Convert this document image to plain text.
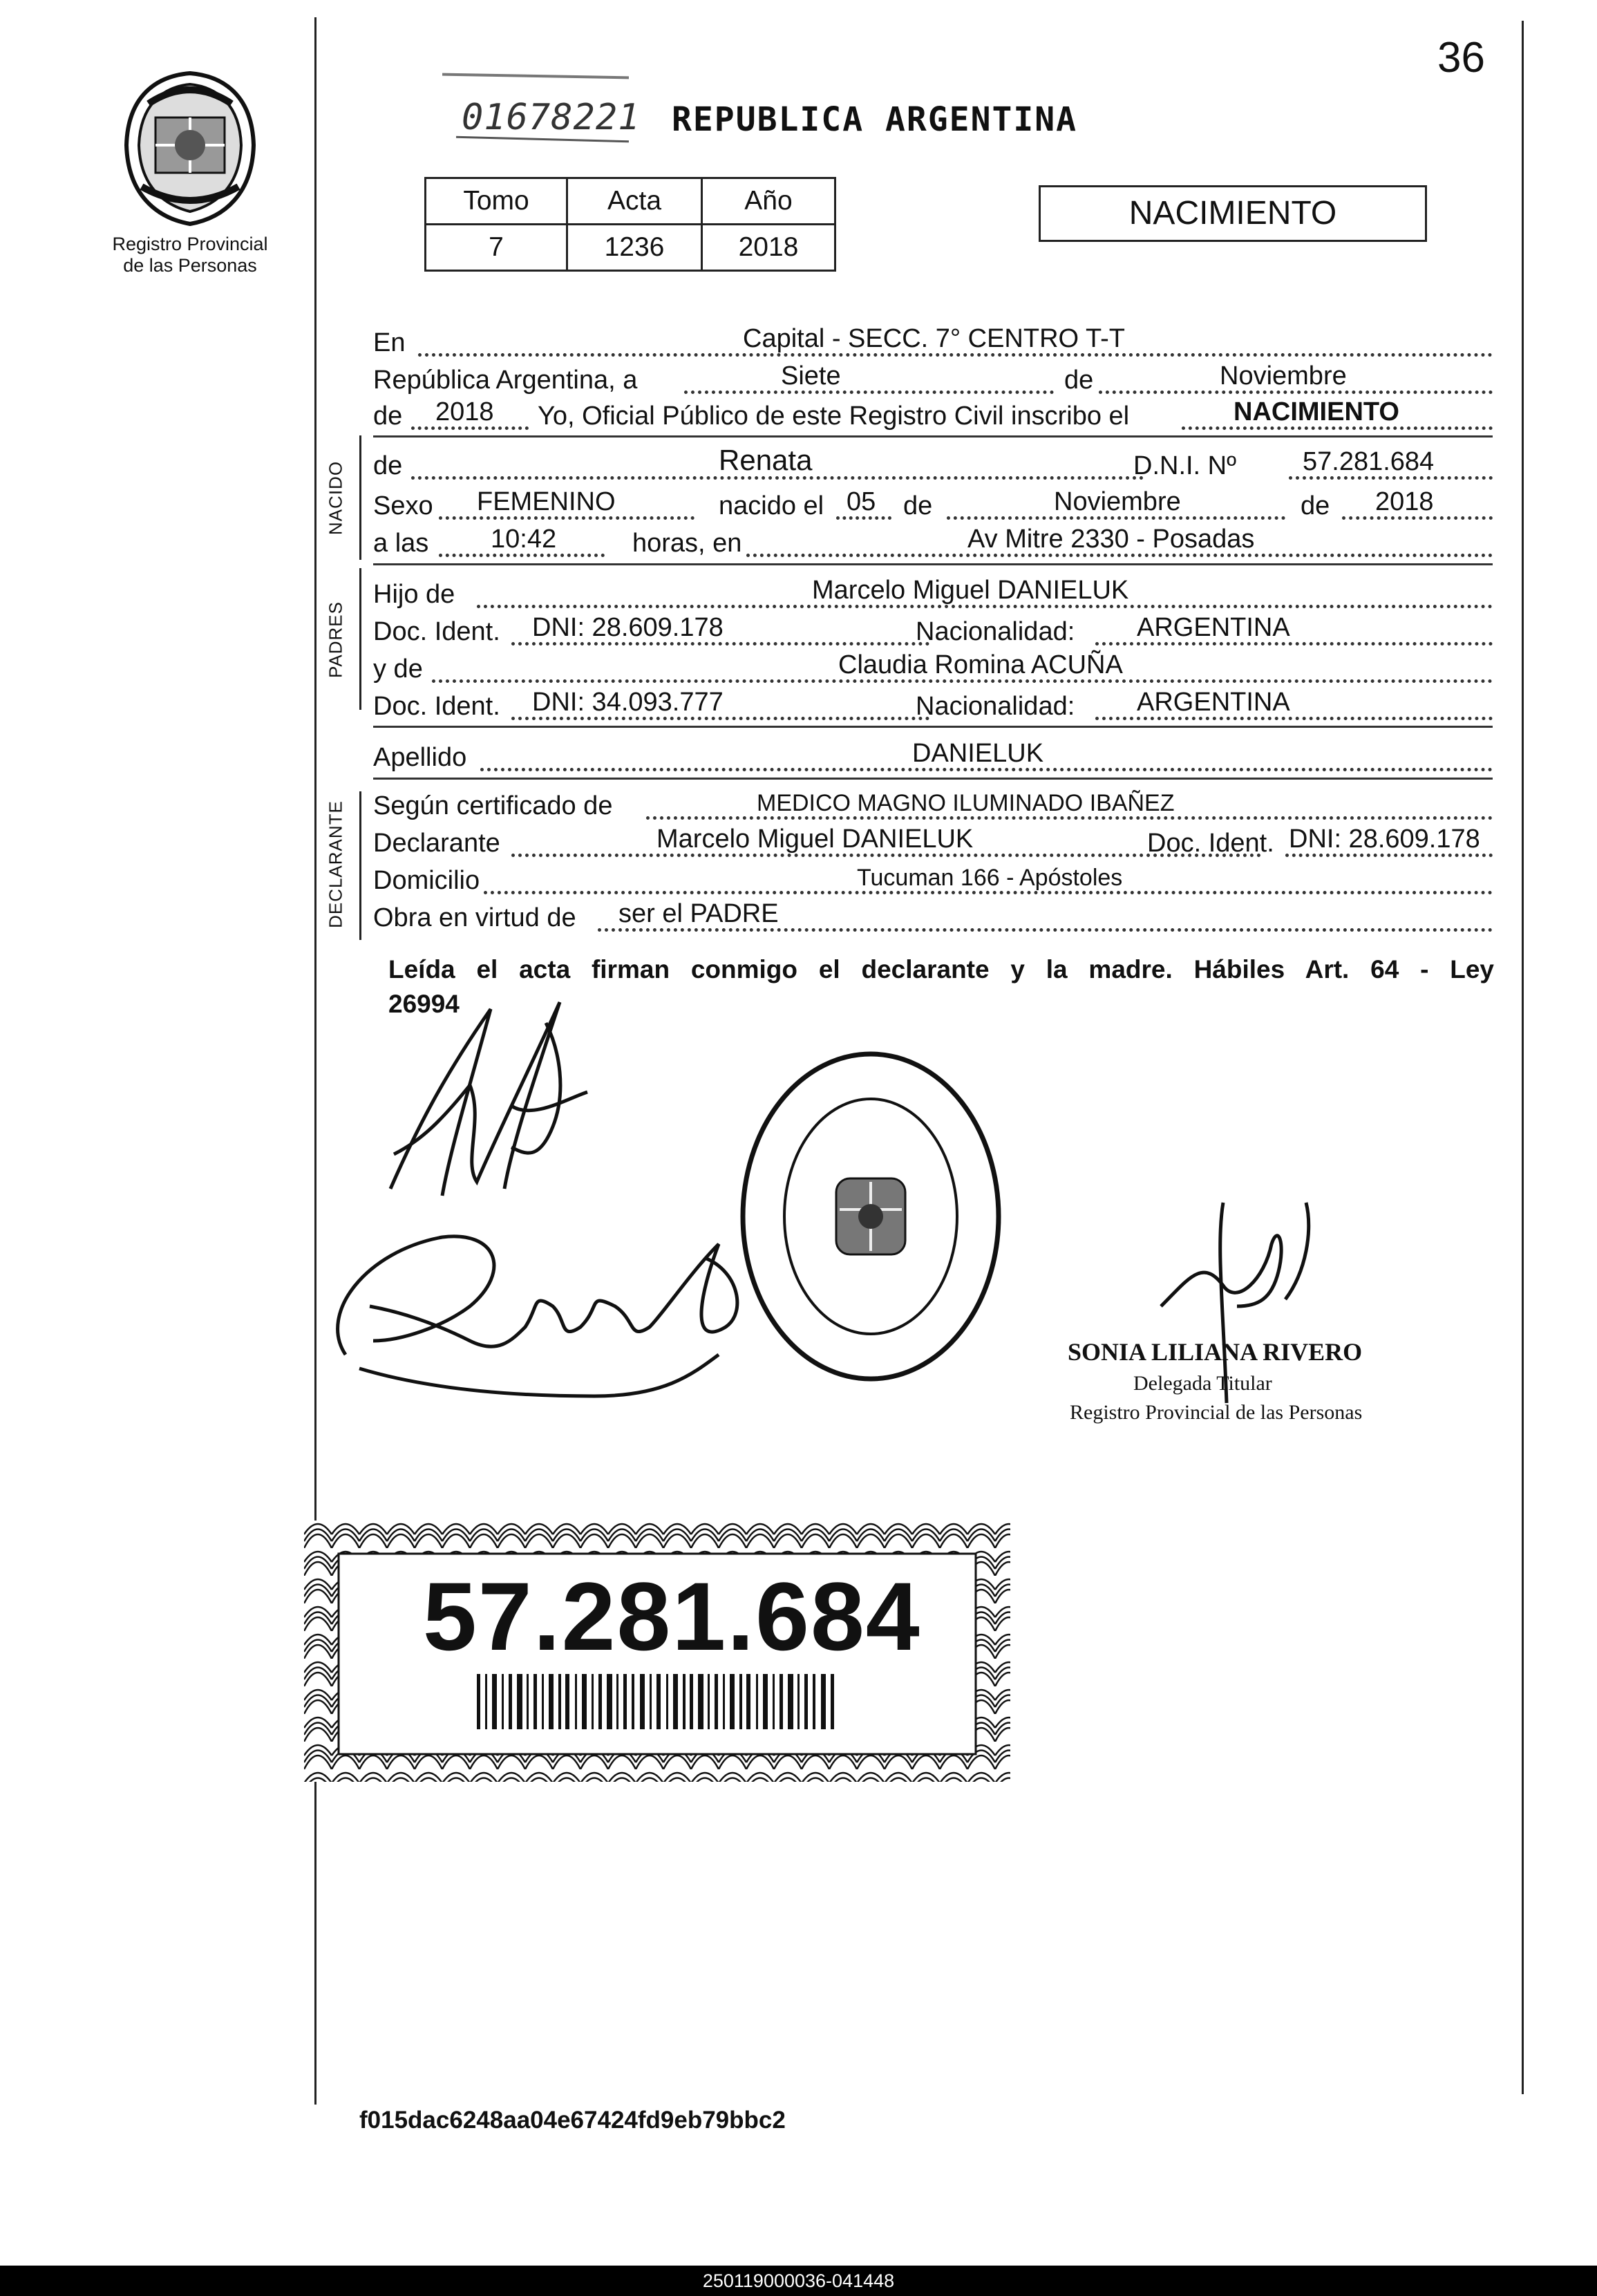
Registro Provincial
de las Personas
36
01678221 REPUBLICA ARGENTINA
Tomo	Acta	Año
7	1236	2018
NACIMIENTO
En	Capital - SECC. 7° CENTRO T-T
República Argentina, a	Siete	de	Noviembre
de 2018 Yo, Oficial Público de este Registro Civil inscribo el	NACIMIENTO
NACIDO de	Renata	D.N.I. Nº	57.281.684
Sexo FEMENINO	nacido el 05 de	Noviembre	de 2018
a las 10:42	horas, en	Av Mitre 2330 - Posadas
PADRES
Hijo de	Marcelo Miguel DANIELUK
Doc. Ident. DNI: 28.609.178	Nacionalidad: ARGENTINA
y de	Claudia Romina ACUÑA
Doc. Ident. DNI: 34.093.777	Nacionalidad: ARGENTINA
Apellido	DANIELUK
DECLARANTE Según certificado de	MEDICO MAGNO ILUMINADO IBAÑEZ
Declarante	Marcelo Miguel DANIELUK	Doc. Ident. DNI: 28.609.178
Domicilio	Tucuman 166 - Apóstoles
Obra en virtud de ser el PADRE
Leída el acta firman conmigo el declarante y la madre. Hábiles Art. 64 - Ley
26994
SONIA LILIANA RIVERO
Delegada Titular
Registro Provincial de las Personas
57.281.684
f015dac6248aa04e67424fd9eb79bbc2
250119000036-041448
